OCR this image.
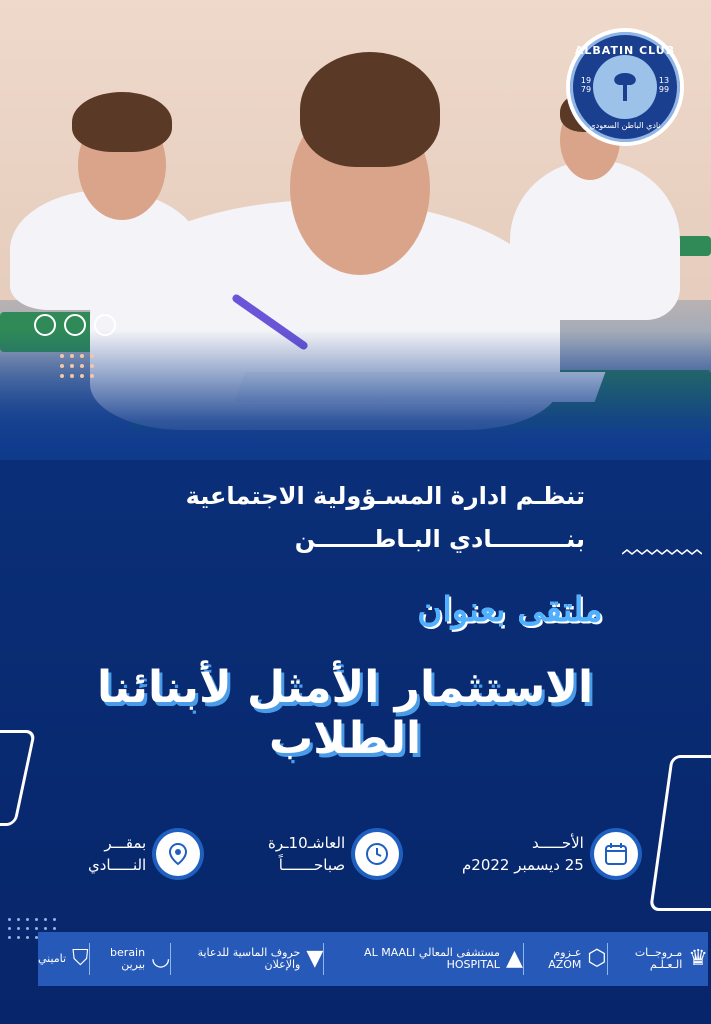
ALBATIN CLUB
19 79
13 99
نادي الباطن السعودي
تنظـم ادارة المسـؤولية الاجتماعية
بنـــــــــادي البـاطـــــــن
ملتقى بعنوان
الاستثمار الأمثل لأبنائنا الطلاب
الأحـــــد
25 ديسمبر 2022م
العاشـ10ـرة
صباحـــــــاً
بمقـــر
النـــــادي
♛
مـروجــات الـعـلـم
⬡
عـزوم AZOM
▲
مستشفى المعالي AL MAALI HOSPITAL
▼
حروف الماسية للدعاية والإعلان
◡
berain بيرين
⛉
تاميني
